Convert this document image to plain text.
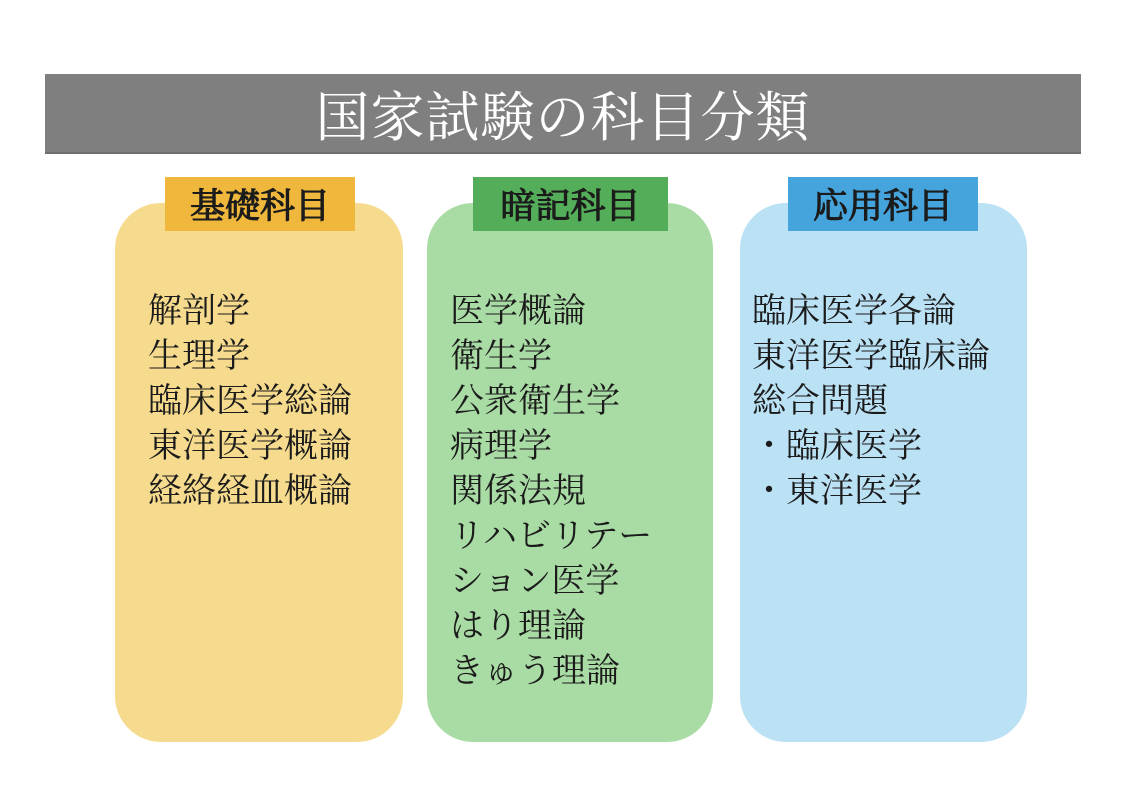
国家試験の科目分類
基礎科目
解剖学
生理学
臨床医学総論
東洋医学概論
経絡経血概論
暗記科目
医学概論
衛生学
公衆衛生学
病理学
関係法規
リハビリテー
ション医学
はり理論
きゅう理論
応用科目
臨床医学各論
東洋医学臨床論
総合問題
・臨床医学
・東洋医学
